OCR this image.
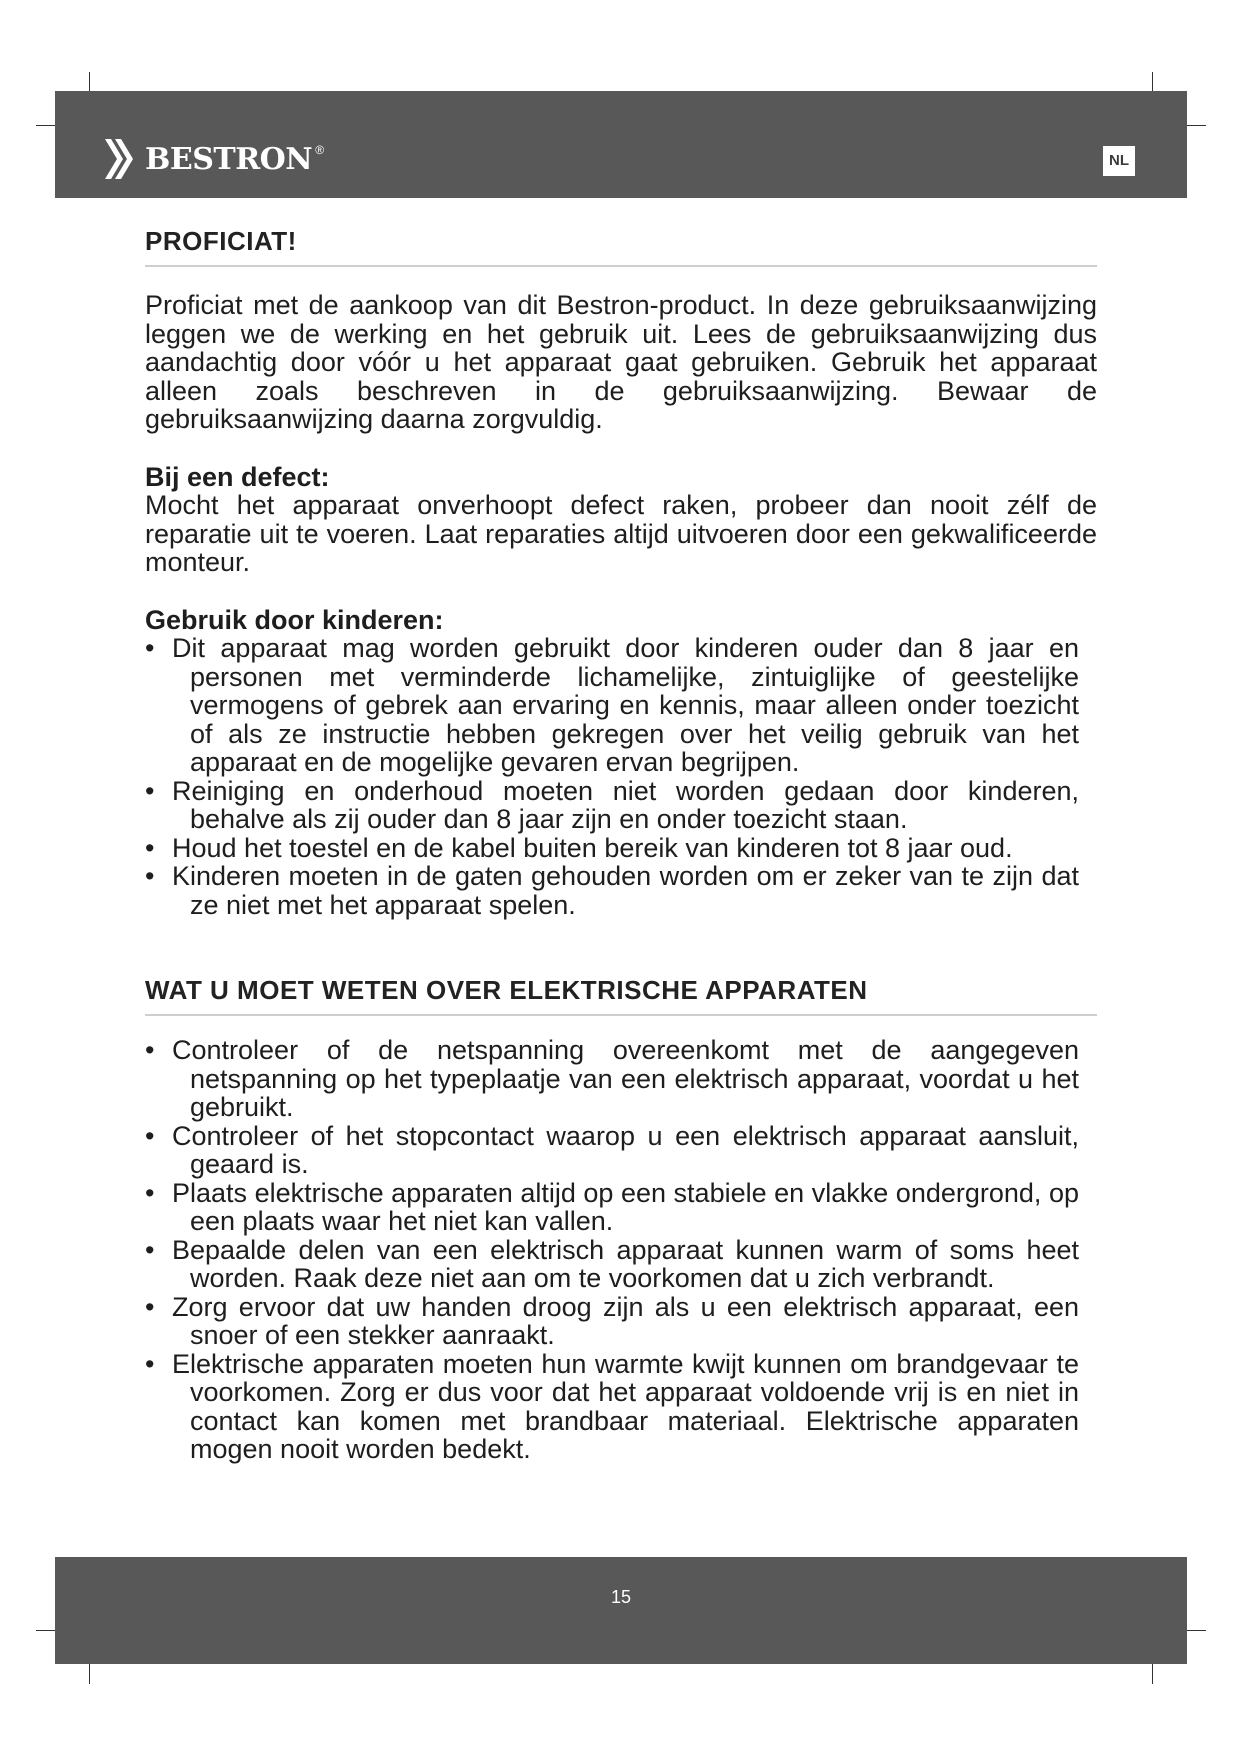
BESTRON ®
NL
PROFICIAT!

Proficiat met de aankoop van dit Bestron-product. In deze gebruiksaanwijzing leggen we de werking en het gebruik uit. Lees de gebruiksaanwijzing dus aandachtig door vóór u het apparaat gaat gebruiken. Gebruik het apparaat alleen zoals beschreven in de gebruiksaanwijzing. Bewaar de gebruiksaanwijzing daarna zorgvuldig.

Bij een defect:

Mocht het apparaat onverhoopt defect raken, probeer dan nooit zélf de reparatie uit te voeren. Laat reparaties altijd uitvoeren door een gekwalificeerde monteur.

Gebruik door kinderen:
• Dit apparaat mag worden gebruikt door kinderen ouder dan 8 jaar en personen met verminderde lichamelijke, zintuiglijke of geestelijke vermogens of gebrek aan ervaring en kennis, maar alleen onder toezicht of als ze instructie hebben gekregen over het veilig gebruik van het apparaat en de mogelijke gevaren ervan begrijpen.
• Reiniging en onderhoud moeten niet worden gedaan door kinderen, behalve als zij ouder dan 8 jaar zijn en onder toezicht staan.
• Houd het toestel en de kabel buiten bereik van kinderen tot 8 jaar oud.
• Kinderen moeten in de gaten gehouden worden om er zeker van te zijn dat ze niet met het apparaat spelen.
WAT U MOET WETEN OVER ELEKTRISCHE APPARATEN
• Controleer of de netspanning overeenkomt met de aangegeven netspanning op het typeplaatje van een elektrisch apparaat, voordat u het gebruikt.
• Controleer of het stopcontact waarop u een elektrisch apparaat aansluit, geaard is.
• Plaats elektrische apparaten altijd op een stabiele en vlakke ondergrond, op een plaats waar het niet kan vallen.
• Bepaalde delen van een elektrisch apparaat kunnen warm of soms heet worden. Raak deze niet aan om te voorkomen dat u zich verbrandt.
• Zorg ervoor dat uw handen droog zijn als u een elektrisch apparaat, een snoer of een stekker aanraakt.
• Elektrische apparaten moeten hun warmte kwijt kunnen om brandgevaar te voorkomen. Zorg er dus voor dat het apparaat voldoende vrij is en niet in contact kan komen met brandbaar materiaal. Elektrische apparaten mogen nooit worden bedekt.
15
